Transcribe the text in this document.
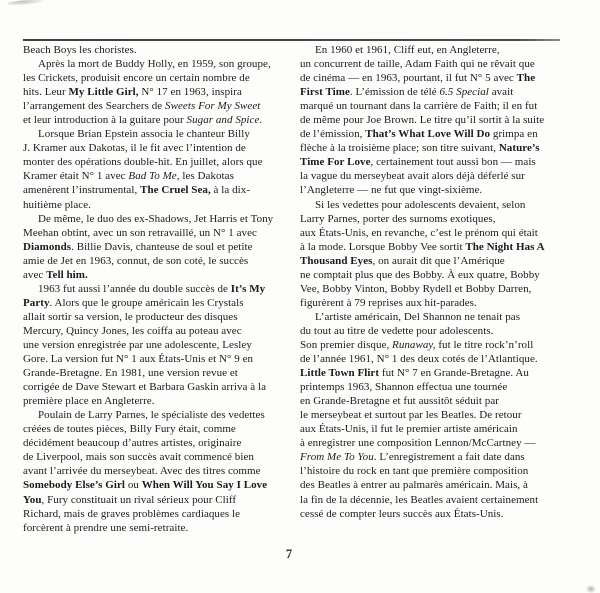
Beach Boys les choristes.
Après la mort de Buddy Holly, en 1959, son groupe,
les Crickets, produisit encore un certain nombre de
hits. Leur My Little Girl, N° 17 en 1963, inspira
l’arrangement des Searchers de Sweets For My Sweet
et leur introduction à la guitare pour Sugar and Spice.
Lorsque Brian Epstein associa le chanteur Billy
J. Kramer aux Dakotas, il le fit avec l’intention de
monter des opérations double-hit. En juillet, alors que
Kramer était N° 1 avec Bad To Me, les Dakotas
amenèrent l’instrumental, The Cruel Sea, à la dix-
huitième place.
De même, le duo des ex-Shadows, Jet Harris et Tony
Meehan obtint, avec un son retravaillé, un N° 1 avec
Diamonds. Billie Davis, chanteuse de soul et petite
amie de Jet en 1963, connut, de son coté, le succès
avec Tell him.
1963 fut aussi l’année du double succès de It’s My
Party. Alors que le groupe américain les Crystals
allait sortir sa version, le producteur des disques
Mercury, Quincy Jones, les coiffa au poteau avec
une version enregistrée par une adolescente, Lesley
Gore. La version fut N° 1 aux États-Unis et N° 9 en
Grande-Bretagne. En 1981, une version revue et
corrigée de Dave Stewart et Barbara Gaskin arriva à la
première place en Angleterre.
Poulain de Larry Parnes, le spécialiste des vedettes
créées de toutes pièces, Billy Fury était, comme
décidément beaucoup d’autres artistes, originaire
de Liverpool, mais son succès avait commencé bien
avant l’arrivée du merseybeat. Avec des titres comme
Somebody Else’s Girl ou When Will You Say I Love
You, Fury constituait un rival sérieux pour Cliff
Richard, mais de graves problèmes cardiaques le
forcèrent à prendre une semi-retraite.
En 1960 et 1961, Cliff eut, en Angleterre,
un concurrent de taille, Adam Faith qui ne rêvait que
de cinéma — en 1963, pourtant, il fut N° 5 avec The
First Time. L’émission de télé 6.5 Special avait
marqué un tournant dans la carrière de Faith; il en fut
de même pour Joe Brown. Le titre qu’il sortit à la suite
de l’émission, That’s What Love Will Do grimpa en
flèche à la troisième place; son titre suivant, Nature’s
Time For Love, certainement tout aussi bon — mais
la vague du merseybeat avait alors déjà déferlé sur
l’Angleterre — ne fut que vingt-sixième.
Si les vedettes pour adolescents devaient, selon
Larry Parnes, porter des surnoms exotiques,
aux États-Unis, en revanche, c’est le prénom qui était
à la mode. Lorsque Bobby Vee sortit The Night Has A
Thousand Eyes, on aurait dit que l’Amérique
ne comptait plus que des Bobby. À eux quatre, Bobby
Vee, Bobby Vinton, Bobby Rydell et Bobby Darren,
figurèrent à 79 reprises aux hit-parades.
L’artiste américain, Del Shannon ne tenait pas
du tout au titre de vedette pour adolescents.
Son premier disque, Runaway, fut le titre rock’n’roll
de l’année 1961, N° 1 des deux cotés de l’Atlantique.
Little Town Flirt fut N° 7 en Grande-Bretagne. Au
printemps 1963, Shannon effectua une tournée
en Grande-Bretagne et fut aussitôt séduit par
le merseybeat et surtout par les Beatles. De retour
aux États-Unis, il fut le premier artiste américain
à enregistrer une composition Lennon/McCartney —
From Me To You. L’enregistrement a fait date dans
l’histoire du rock en tant que première composition
des Beatles à entrer au palmarès américain. Mais, à
la fin de la décennie, les Beatles avaient certainement
cessé de compter leurs succès aux États-Unis.
7
